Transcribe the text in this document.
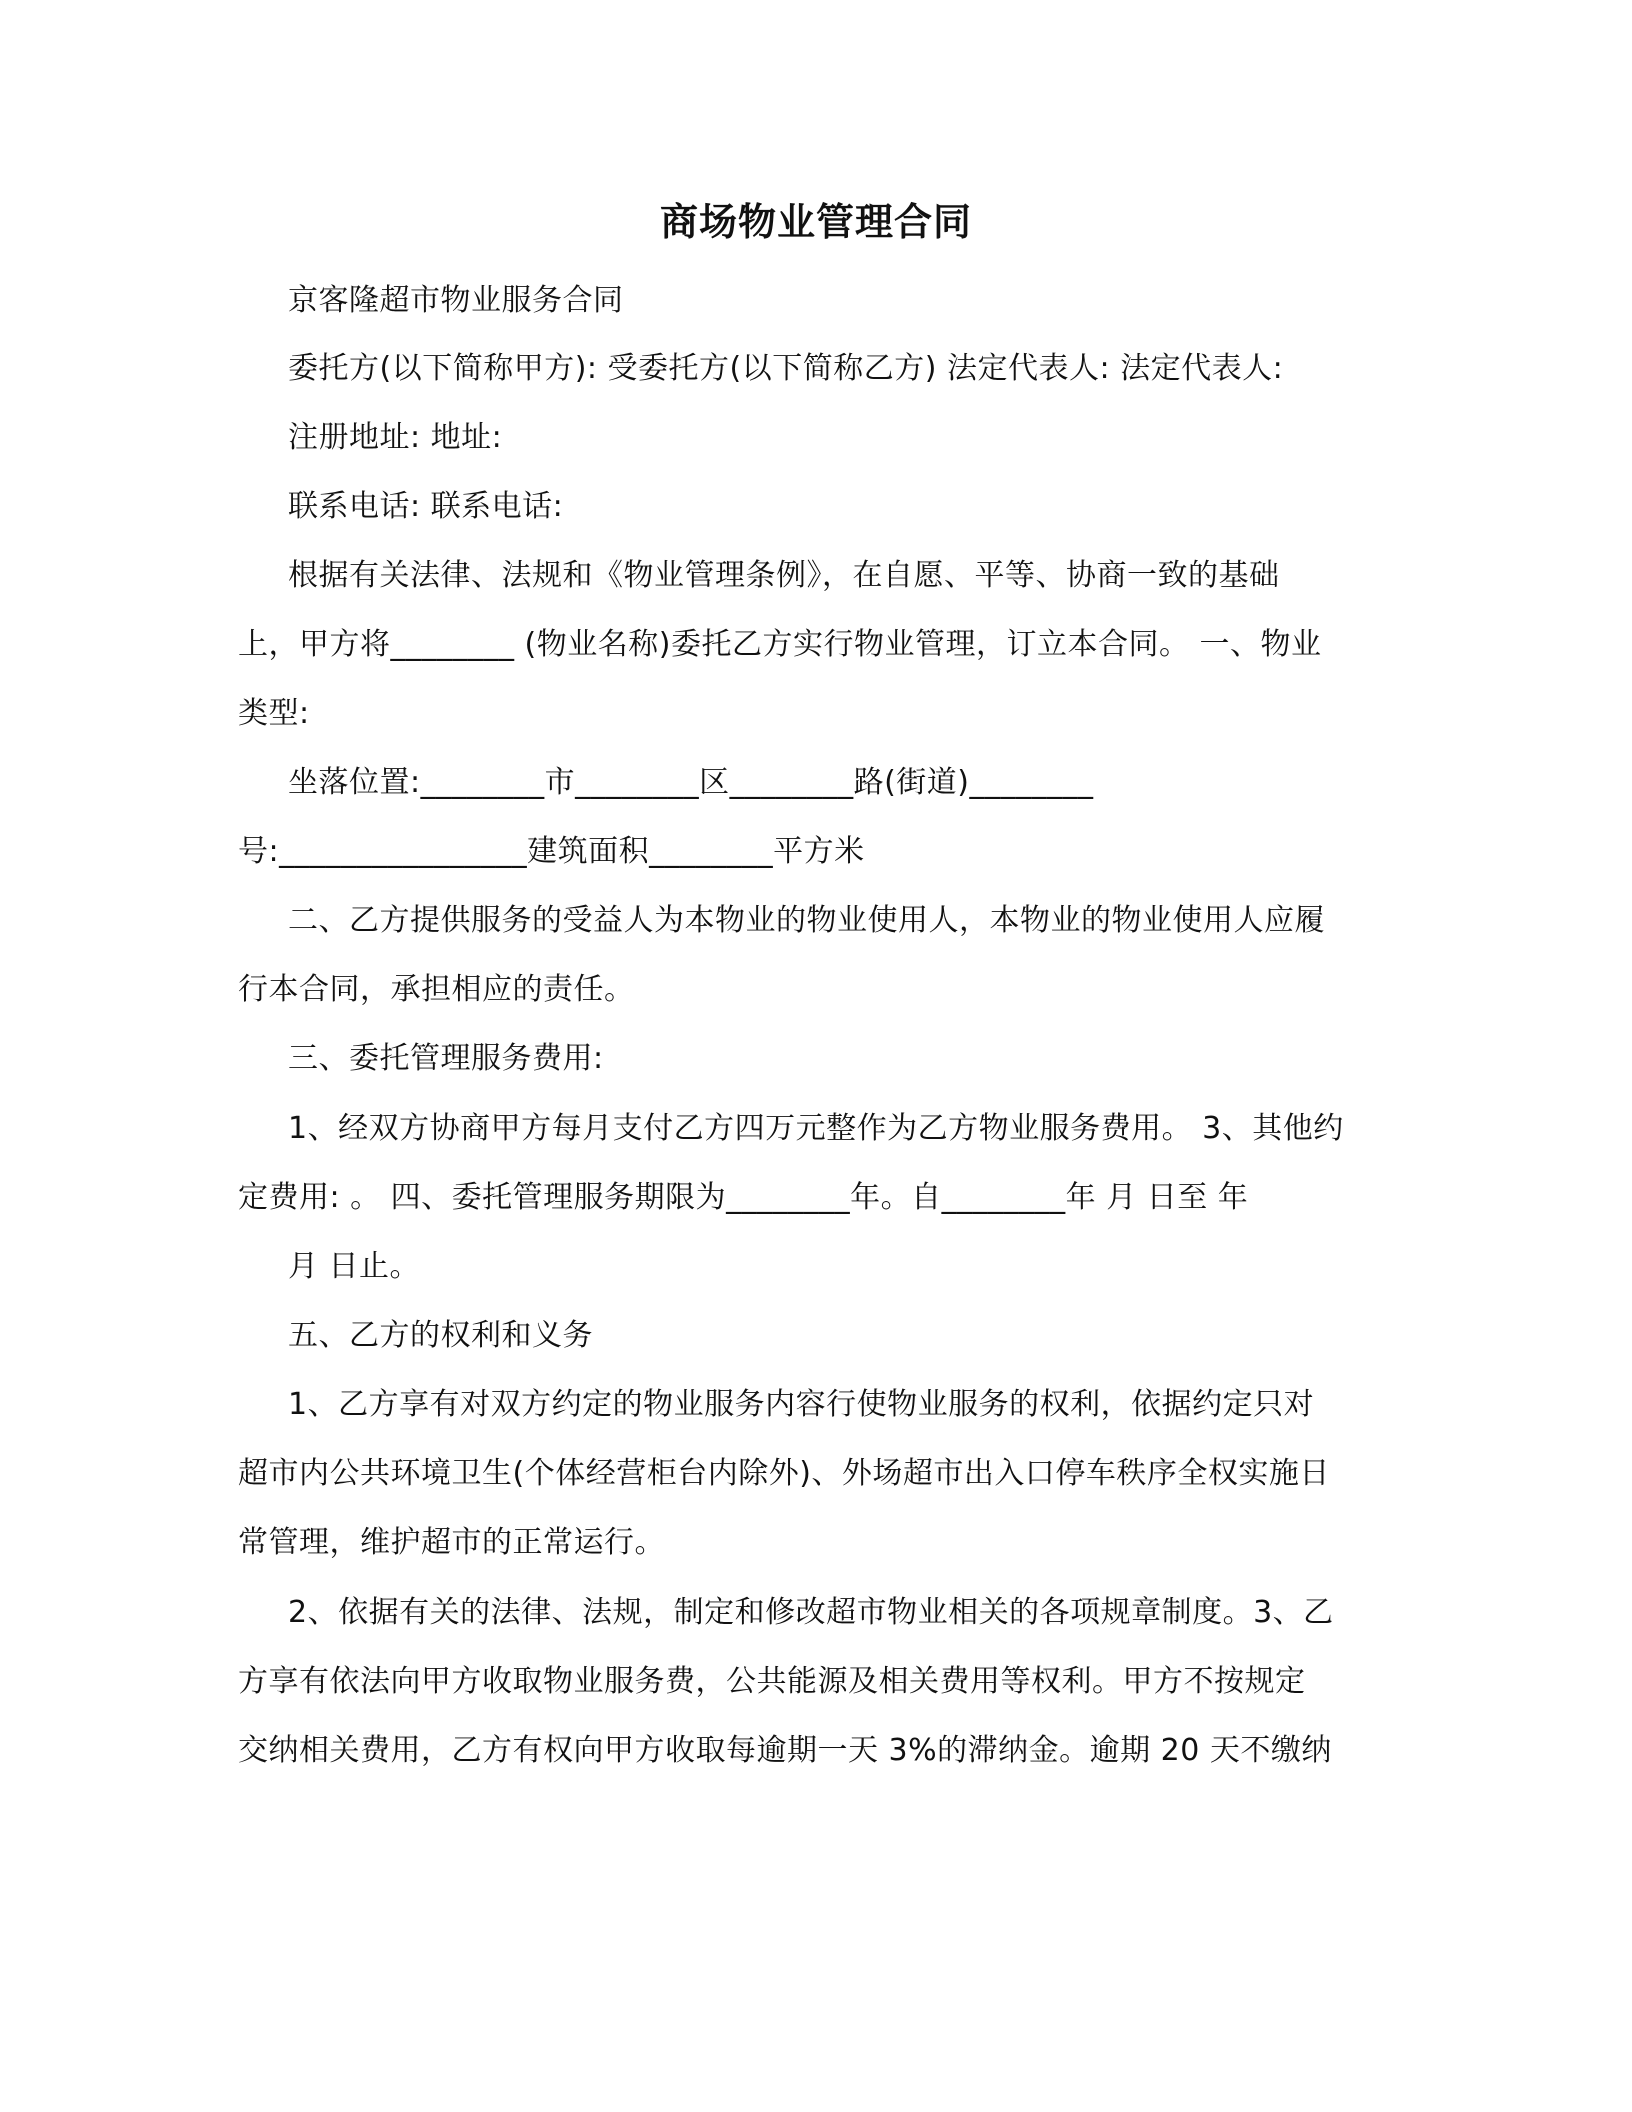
商场物业管理合同
京客隆超市物业服务合同
委托方(以下简称甲方): 受委托方(以下简称乙方) 法定代表人: 法定代表人:
注册地址: 地址:
联系电话: 联系电话:
根据有关法律、法规和《物业管理条例》，在自愿、平等、协商一致的基础
上，甲方将________ (物业名称)委托乙方实行物业管理，订立本合同。 一、物业
类型:
坐落位置:________市________区________路(街道)________
号:________________建筑面积________平方米
二、乙方提供服务的受益人为本物业的物业使用人，本物业的物业使用人应履
行本合同，承担相应的责任。
三、委托管理服务费用:
1、经双方协商甲方每月支付乙方四万元整作为乙方物业服务费用。 3、其他约
定费用: 。 四、委托管理服务期限为________年。自________年 月 日至 年
月 日止。
五、乙方的权利和义务
1、乙方享有对双方约定的物业服务内容行使物业服务的权利，依据约定只对
超市内公共环境卫生(个体经营柜台内除外)、外场超市出入口停车秩序全权实施日
常管理，维护超市的正常运行。
2、依据有关的法律、法规，制定和修改超市物业相关的各项规章制度。3、乙
方享有依法向甲方收取物业服务费，公共能源及相关费用等权利。甲方不按规定
交纳相关费用，乙方有权向甲方收取每逾期一天 3%的滞纳金。逾期 20 天不缴纳
